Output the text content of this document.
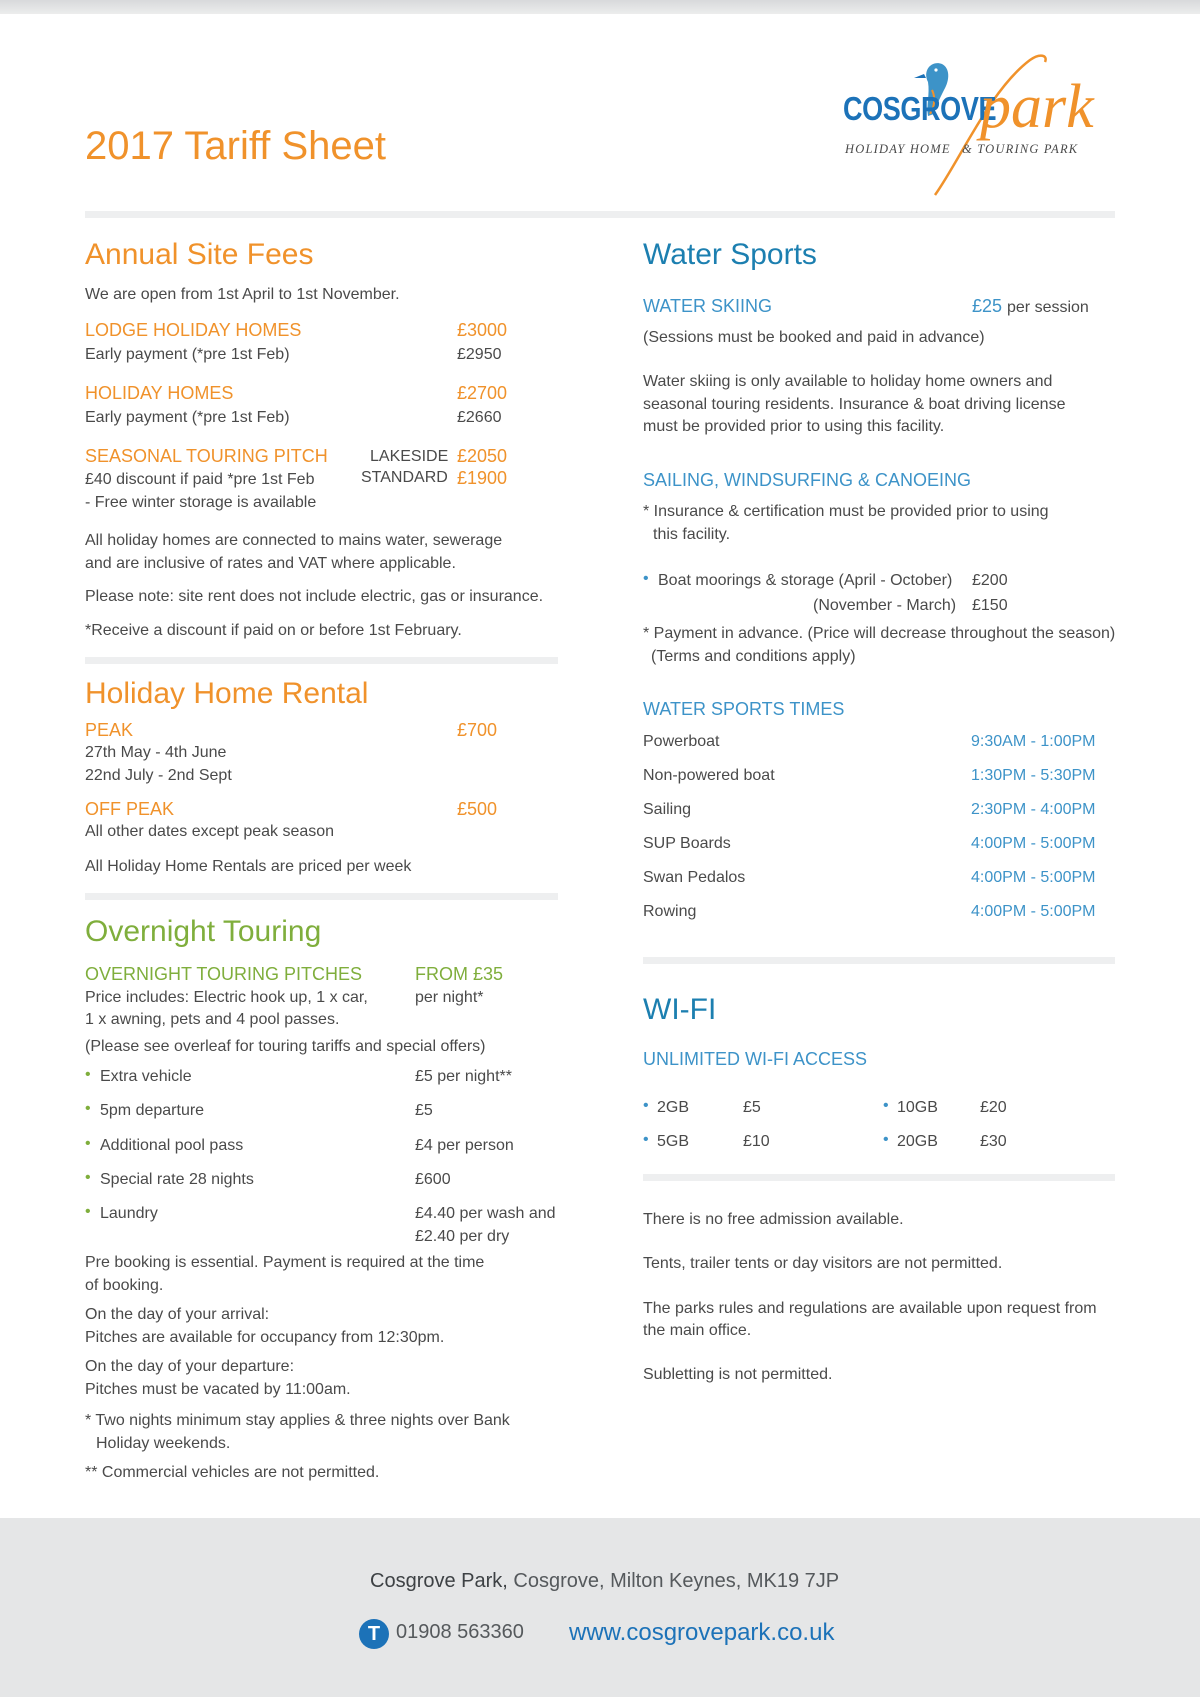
2017 Tariff Sheet
COSGROVE
park
HOLIDAY HOME & TOURING PARK
Annual Site Fees
We are open from 1st April to 1st November.
LODGE HOLIDAY HOMES	£3000
Early payment (*pre 1st Feb)	£2950
HOLIDAY HOMES	£2700
Early payment (*pre 1st Feb)	£2660
SEASONAL TOURING PITCH	LAKESIDE £2050
£40 discount if paid *pre 1st Feb	STANDARD £1900
- Free winter storage is available
All holiday homes are connected to mains water, sewerage and are inclusive of rates and VAT where applicable.
Please note: site rent does not include electric, gas or insurance.
*Receive a discount if paid on or before 1st February.
Holiday Home Rental
PEAK	£700
27th May - 4th June
22nd July - 2nd Sept
OFF PEAK	£500
All other dates except peak season
All Holiday Home Rentals are priced per week
Overnight Touring
OVERNIGHT TOURING PITCHES	FROM £35
Price includes: Electric hook up, 1 x car,	per night*
1 x awning, pets and 4 pool passes.
(Please see overleaf for touring tariffs and special offers)
• Extra vehicle	£5 per night**
• 5pm departure	£5
• Additional pool pass	£4 per person
• Special rate 28 nights	£600
• Laundry	£4.40 per wash and
£2.40 per dry
Pre booking is essential. Payment is required at the time
of booking.
On the day of your arrival:
Pitches are available for occupancy from 12:30pm.
On the day of your departure:
Pitches must be vacated by 11:00am.
* Two nights minimum stay applies & three nights over Bank
Holiday weekends.
** Commercial vehicles are not permitted.
Water Sports
WATER SKIING	£25 per session
(Sessions must be booked and paid in advance)
Water skiing is only available to holiday home owners and
seasonal touring residents. Insurance & boat driving license
must be provided prior to using this facility.
SAILING, WINDSURFING & CANOEING
* Insurance & certification must be provided prior to using
this facility.
• Boat moorings & storage (April - October) £200
(November - March) £150
* Payment in advance. (Price will decrease throughout the season)
(Terms and conditions apply)
WATER SPORTS TIMES
Powerboat	9:30AM - 1:00PM
Non-powered boat	1:30PM - 5:30PM
Sailing	2:30PM - 4:00PM
SUP Boards	4:00PM - 5:00PM
Swan Pedalos	4:00PM - 5:00PM
Rowing	4:00PM - 5:00PM
WI-FI
UNLIMITED WI-FI ACCESS
• 2GB	£5
• 5GB	£10
• 10GB	£20
• 20GB	£30
There is no free admission available.
Tents, trailer tents or day visitors are not permitted.
The parks rules and regulations are available upon request from
the main office.
Subletting is not permitted.
Cosgrove Park, Cosgrove, Milton Keynes, MK19 7JP
T 01908 563360 www.cosgrovepark.co.uk
